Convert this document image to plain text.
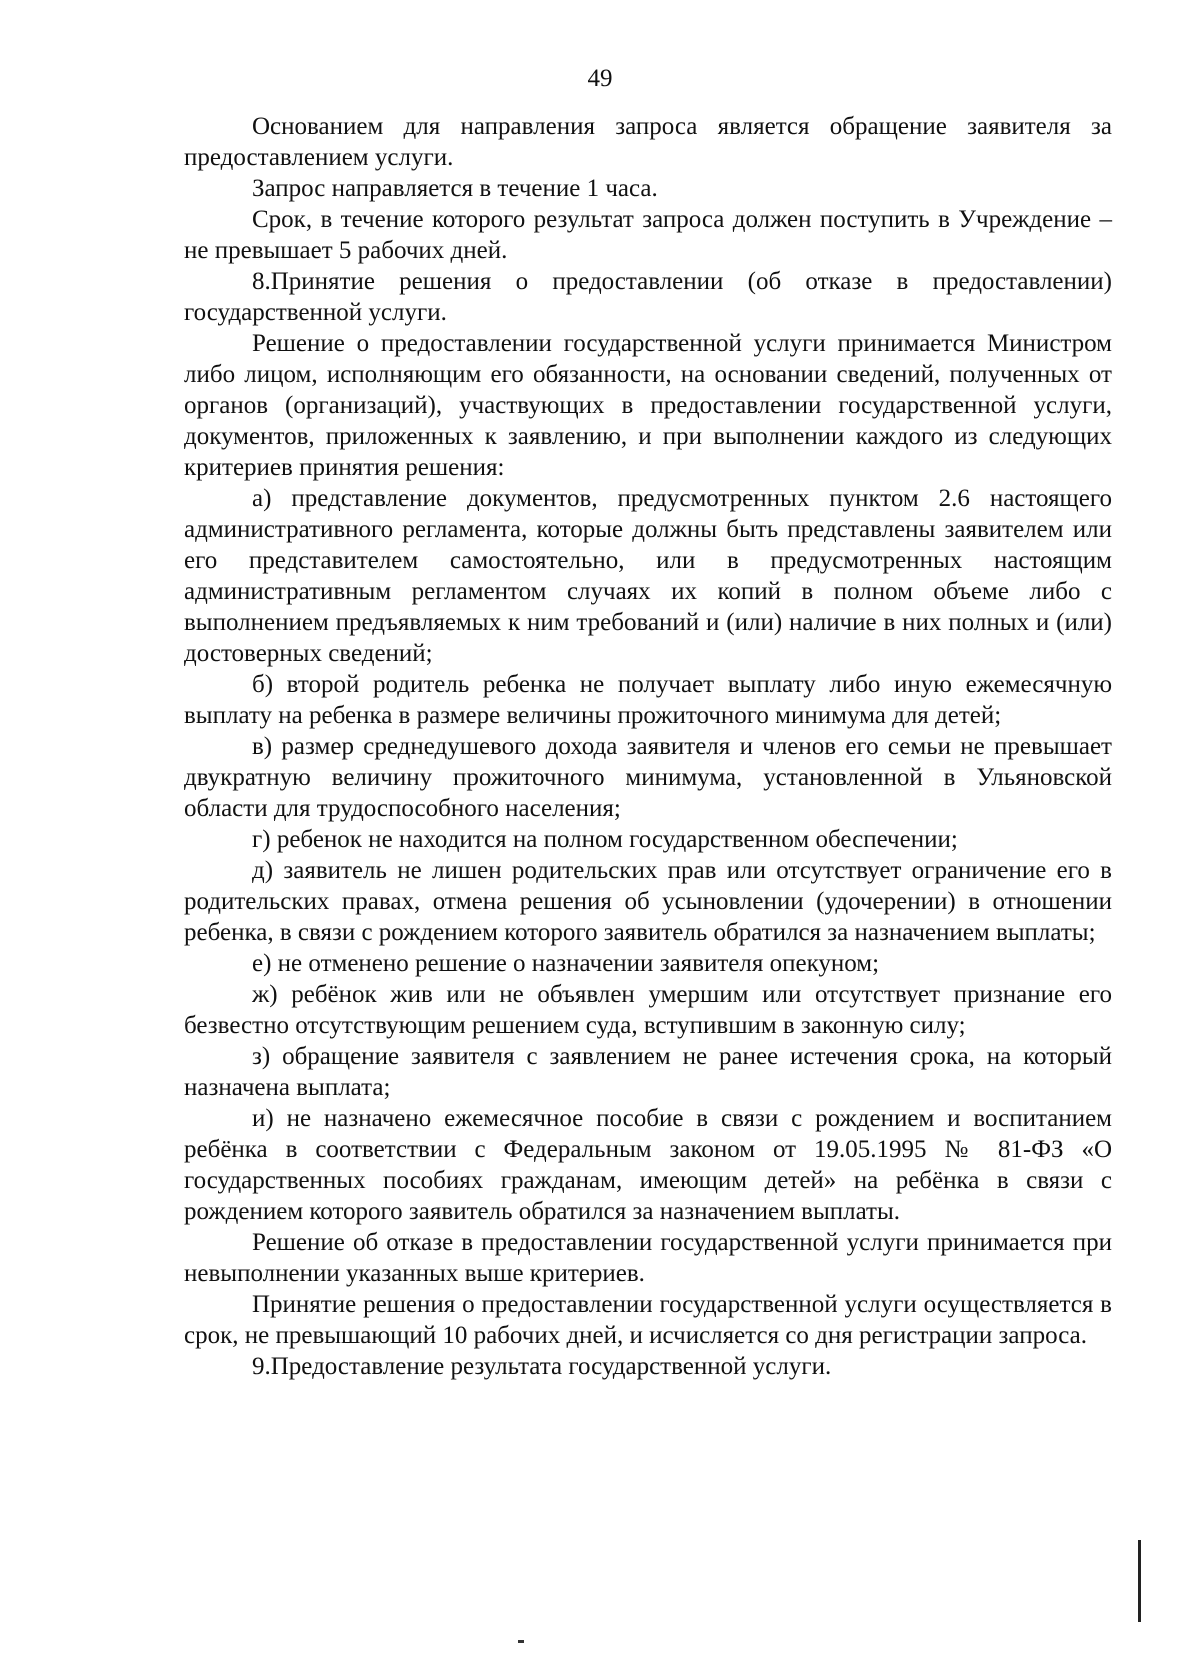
49

Основанием для направления запроса является обращение заявителя за предоставлением услуги.

Запрос направляется в течение 1 часа.

Срок, в течение которого результат запроса должен поступить в Учреждение – не превышает 5 рабочих дней.

8.Принятие решения о предоставлении (об отказе в предоставлении) государственной услуги.

Решение о предоставлении государственной услуги принимается Министром либо лицом, исполняющим его обязанности, на основании сведений, полученных от органов (организаций), участвующих в предоставлении государственной услуги, документов, приложенных к заявлению, и при выполнении каждого из следующих критериев принятия решения:

а) представление документов, предусмотренных пунктом 2.6 настоящего административного регламента, которые должны быть представлены заявителем или его представителем самостоятельно, или в предусмотренных настоящим административным регламентом случаях их копий в полном объеме либо с выполнением предъявляемых к ним требований и (или) наличие в них полных и (или) достоверных сведений;

б) второй родитель ребенка не получает выплату либо иную ежемесячную выплату на ребенка в размере величины прожиточного минимума для детей;

в) размер среднедушевого дохода заявителя и членов его семьи не превышает двукратную величину прожиточного минимума, установленной в Ульяновской области для трудоспособного населения;

г) ребенок не находится на полном государственном обеспечении;

д) заявитель не лишен родительских прав или отсутствует ограничение его в родительских правах, отмена решения об усыновлении (удочерении) в отношении ребенка, в связи с рождением которого заявитель обратился за назначением выплаты;

е) не отменено решение о назначении заявителя опекуном;

ж) ребёнок жив или не объявлен умершим или отсутствует признание его безвестно отсутствующим решением суда, вступившим в законную силу;

з) обращение заявителя с заявлением не ранее истечения срока, на который назначена выплата;

и) не назначено ежемесячное пособие в связи с рождением и воспитанием ребёнка в соответствии с Федеральным законом от 19.05.1995 № 81-ФЗ «О государственных пособиях гражданам, имеющим детей» на ребёнка в связи с рождением которого заявитель обратился за назначением выплаты.

Решение об отказе в предоставлении государственной услуги принимается при невыполнении указанных выше критериев.

Принятие решения о предоставлении государственной услуги осуществляется в срок, не превышающий 10 рабочих дней, и исчисляется со дня регистрации запроса.

9.Предоставление результата государственной услуги.
